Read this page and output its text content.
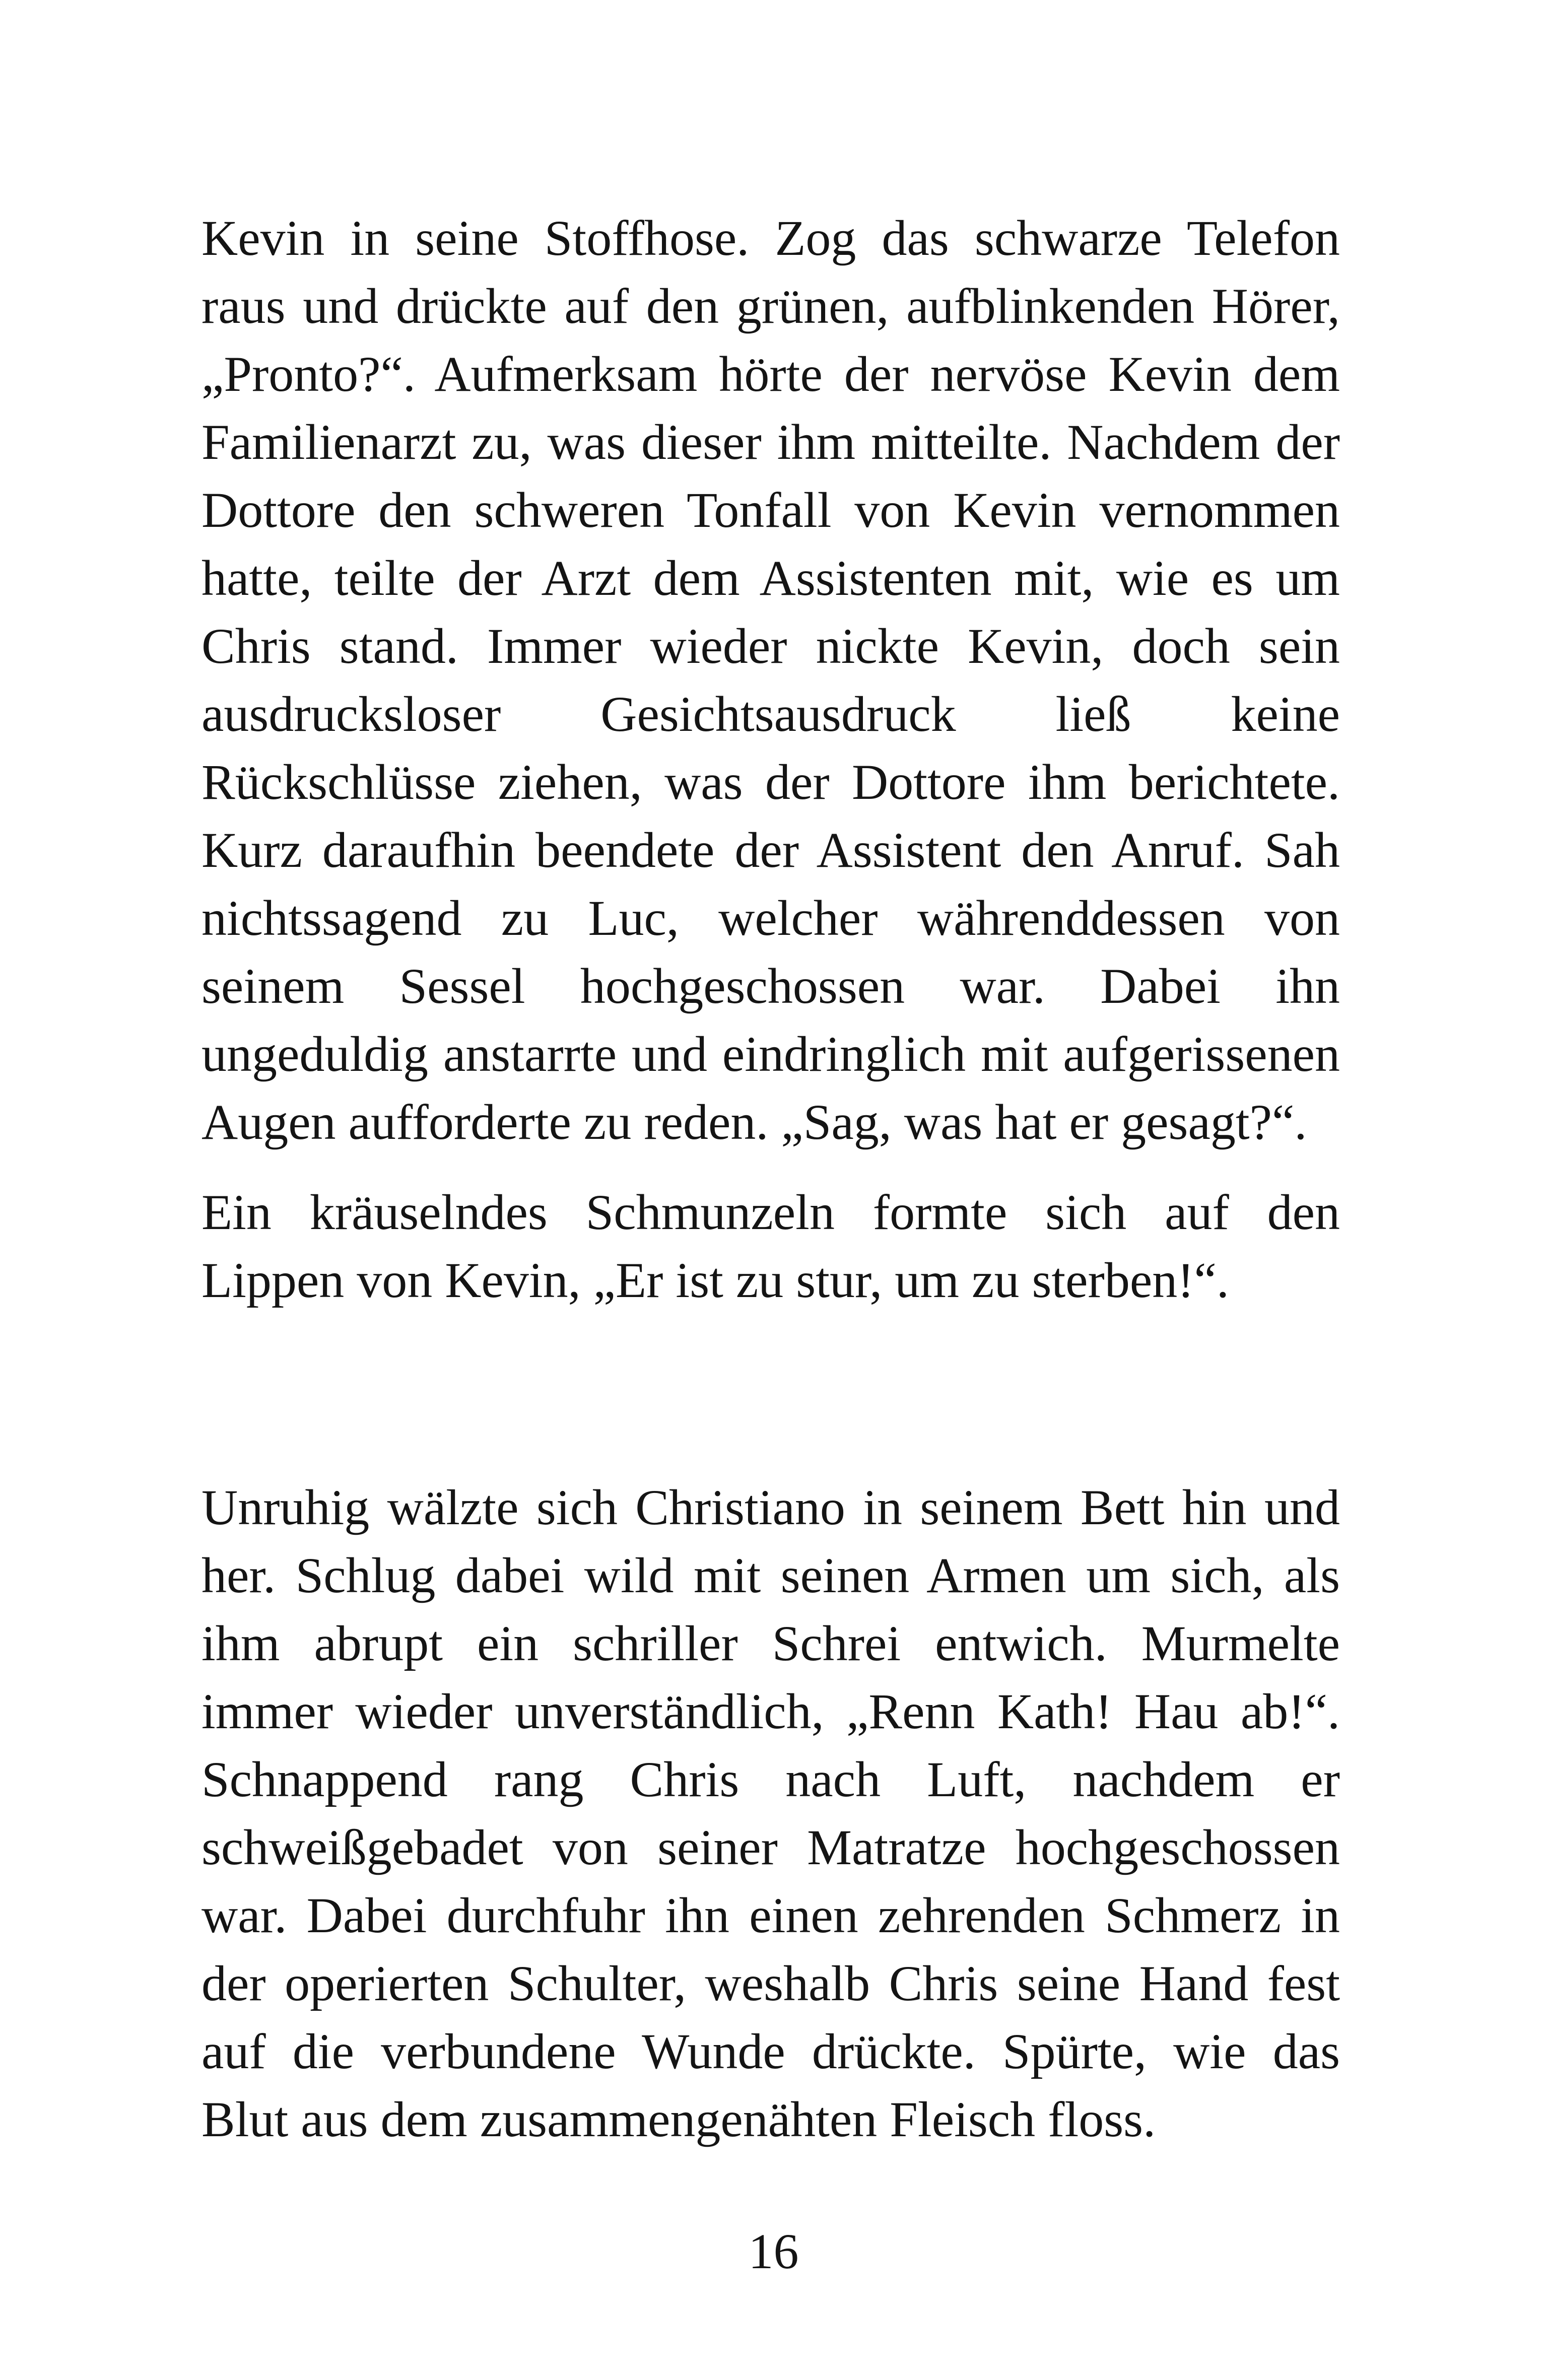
Kevin in seine Stoffhose. Zog das schwarze Telefon raus und drückte auf den grünen, aufblinkenden Hörer, „Pronto?“. Aufmerksam hörte der nervöse Kevin dem Familienarzt zu, was dieser ihm mitteilte. Nachdem der Dottore den schweren Tonfall von Kevin vernommen hatte, teilte der Arzt dem Assistenten mit, wie es um Chris stand. Immer wieder nickte Kevin, doch sein ausdrucksloser Gesichtsausdruck ließ keine Rückschlüsse ziehen, was der Dottore ihm berichtete. Kurz daraufhin beendete der Assistent den Anruf. Sah nichtssagend zu Luc, welcher währenddessen von seinem Sessel hochgeschossen war. Dabei ihn ungeduldig anstarrte und eindringlich mit aufgerissenen Augen aufforderte zu reden. „Sag, was hat er gesagt?“.

Ein kräuselndes Schmunzeln formte sich auf den Lippen von Kevin, „Er ist zu stur, um zu sterben!“.

Unruhig wälzte sich Christiano in seinem Bett hin und her. Schlug dabei wild mit seinen Armen um sich, als ihm abrupt ein schriller Schrei entwich. Murmelte immer wieder unverständlich, „Renn Kath! Hau ab!“. Schnappend rang Chris nach Luft, nachdem er schweißgebadet von seiner Matratze hochgeschossen war. Dabei durchfuhr ihn einen zehrenden Schmerz in der operierten Schulter, weshalb Chris seine Hand fest auf die verbundene Wunde drückte. Spürte, wie das Blut aus dem zusammengenähten Fleisch floss.

16
